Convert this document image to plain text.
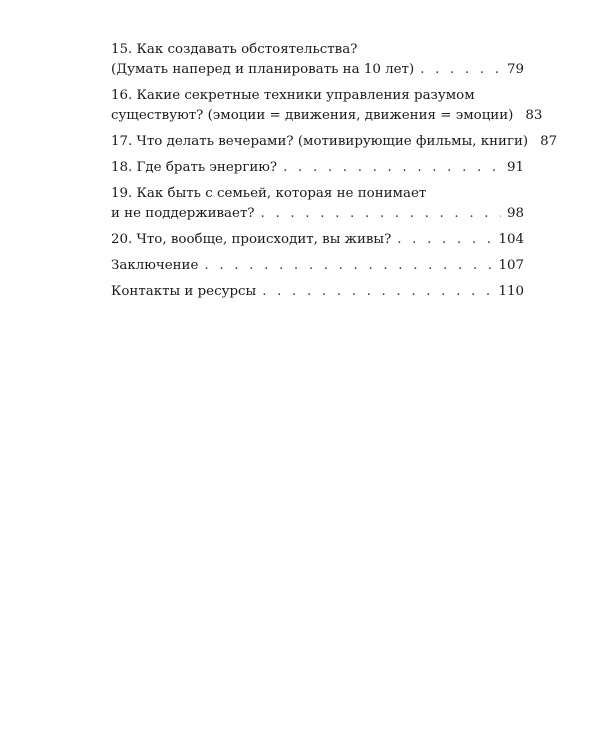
15. Как создавать обстоятельства?
(Думать наперед и планировать на 10 лет) . . .	79
16. Какие секретные техники управления разумом
существуют? (эмоции = движения, движения = эмоции) 83
17. Что делать вечерами? (мотивирующие фильмы, книги) 87
18. Где брать энергию? . . .	91
19. Как быть с семьей, которая не понимает
и не поддерживает? . . .	98
20. Что, вообще, происходит, вы живы? . . .	104
Заключение . . .	107
Контакты и ресурсы . . .	110
